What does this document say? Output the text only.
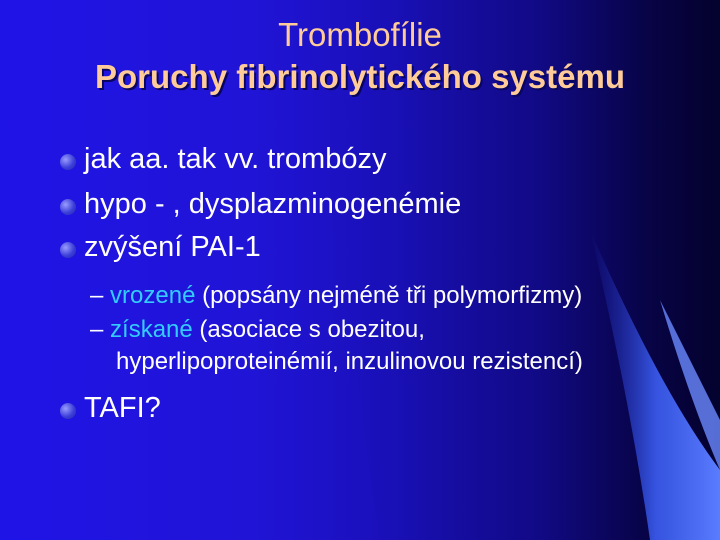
Trombofílie
Poruchy fibrinolytického systému
jak aa. tak vv. trombózy
hypo - , dysplazminogenémie
zvýšení PAI-1
– vrozené (popsány nejméně tři polymorfizmy)
– získané (asociace s obezitou,
hyperlipoproteinémií, inzulinovou rezistencí)
TAFI?
